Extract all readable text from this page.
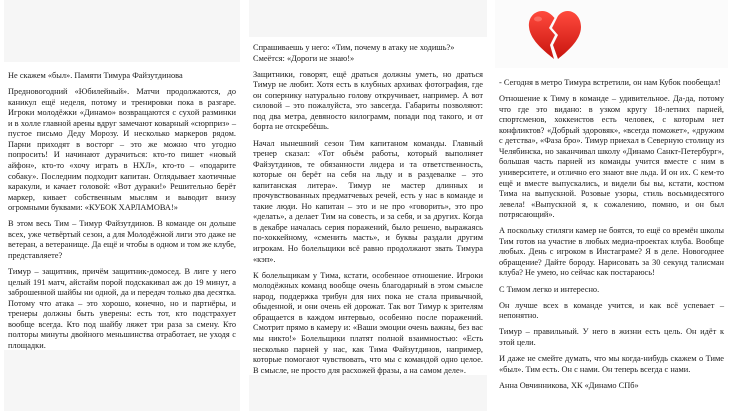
Не скажем «был». Памяти Тимура Файзутдинова

Предновогодний «Юбилейный». Матчи продолжаются, до каникул ещё неделя, потому и тренировки пока в разгаре. Игроки молодёжки «Динамо» возвращаются с сухой разминки и в холле главной арены вдруг замечают коварный «сюрприз» – пустое письмо Деду Морозу. И несколько маркеров рядом. Парни приходят в восторг – это же можно что угодно попросить! И начинают дурачиться: кто-то пишет «новый айфон», кто-то «хочу играть в НХЛ», кто-то – «подарите собаку». Последним подходит капитан. Оглядывает хаотичные каракули, и качает головой: «Вот дураки!» Решительно берёт маркер, кивает собственным мыслям и выводит внизу огромными буквами: «КУБОК ХАРЛАМОВА!»

В этом весь Тим – Тимур Файзутдинов. В команде он дольше всех, уже четвёртый сезон, а для Молодёжной лиги это даже не ветеран, а ветеранище. Да ещё и чтобы в одном и том же клубе, представляете?

Тимур – защитник, причём защитник-домосед. В лиге у него целый 191 матч, айстайм порой подскакивал аж до 19 минут, а заброшенной шайбы ни одной, да и передач только два десятка. Потому что атака – это хорошо, конечно, но и партнёры, и тренеры должны быть уверены: есть тот, кто подстрахует вообще всегда. Кто под шайбу ляжет три раза за смену. Кто полторы минуты двойного меньшинства отработает, не уходя с площадки.

Спрашиваешь у него: «Тим, почему в атаку не ходишь?» Смеётся: «Дороги не знаю!»

Защитники, говорят, ещё драться должны уметь, но драться Тимур не любит. Хотя есть в клубных архивах фотография, где он сопернику натурально голову откручивает, например. А вот силовой – это пожалуйста, это завсегда. Габариты позволяют: под два метра, девяносто килограмм, попади под такого, и от борта не отскребёшь.

Начал нынешний сезон Тим капитаном команды. Главный тренер сказал: «Тот объём работы, который выполняет Файзутдинов, те обязанности лидера и та ответственность, которые он берёт на себя на льду и в раздевалке – это капитанская литера». Тимур не мастер длинных и прочувствованных предматчевых речей, есть у нас в команде и такие люди. Но капитан – это и не про «говорить», это про «делать», а делает Тим на совесть, и за себя, и за других. Когда в декабре началась серия поражений, было решено, выражаясь по-хоккейному, «сменить масть», и буквы раздали другим игрокам. Но болельщики всё равно продолжают звать Тимура «кэп».

К болельщикам у Тима, кстати, особенное отношение. Игроки молодёжных команд вообще очень благодарный в этом смысле народ, поддержка трибун для них пока не стала привычной, обыденной, и они очень ей дорожат. Так вот Тимур к зрителям обращается в каждом интервью, особенно после поражений. Смотрит прямо в камеру и: «Ваши эмоции очень важны, без вас мы никто!» Болельщики платят полной взаимностью: «Есть несколько парней у нас, как Тима Файзутдинов, например, которые помогают чувствовать, что мы с командой одно целое. В смысле, не просто для расхожей фразы, а на самом деле».

- Сегодня в метро Тимура встретили, он нам Кубок пообещал!

Отношение к Тиму в команде – удивительное. Да-да, потому что где это видано: в узком кругу 18-летних парней, спортсменов, хоккеистов есть человек, с которым нет конфликтов? «Добрый здоровяк», «всегда поможет», «дружим с детства», «Фаза бро». Тимур приехал в Северную столицу из Челябинска, но заканчивал школу «Динамо Санкт-Петербург», большая часть парней из команды учится вместе с ним в университете, и отлично его знают вне льда. И он их. С кем-то ещё и вместе выпускались, и видели бы вы, кстати, костюм Тима на выпускной. Розовые узоры, стиль восьмидесятого левела! «Выпускной я, к сожалению, помню, и он был потрясающий».

А поскольку стиляги камер не боятся, то ещё со времён школы Тим готов на участие в любых медиа-проектах клуба. Вообще любых. День с игроком в Инстаграме? Я в деле. Новогоднее обращение? Дайте бороду. Нарисовать за 30 секунд талисман клуба? Не умею, но сейчас как постараюсь!

С Тимом легко и интересно.

Он лучше всех в команде учится, и как всё успевает – непонятно.

Тимур – правильный. У него в жизни есть цель. Он идёт к этой цели.

И даже не смейте думать, что мы когда-нибудь скажем о Тиме «был». Тим есть. Он с нами. Он теперь всегда с нами.

Анна Овчинникова, ХК «Динамо СПб»
